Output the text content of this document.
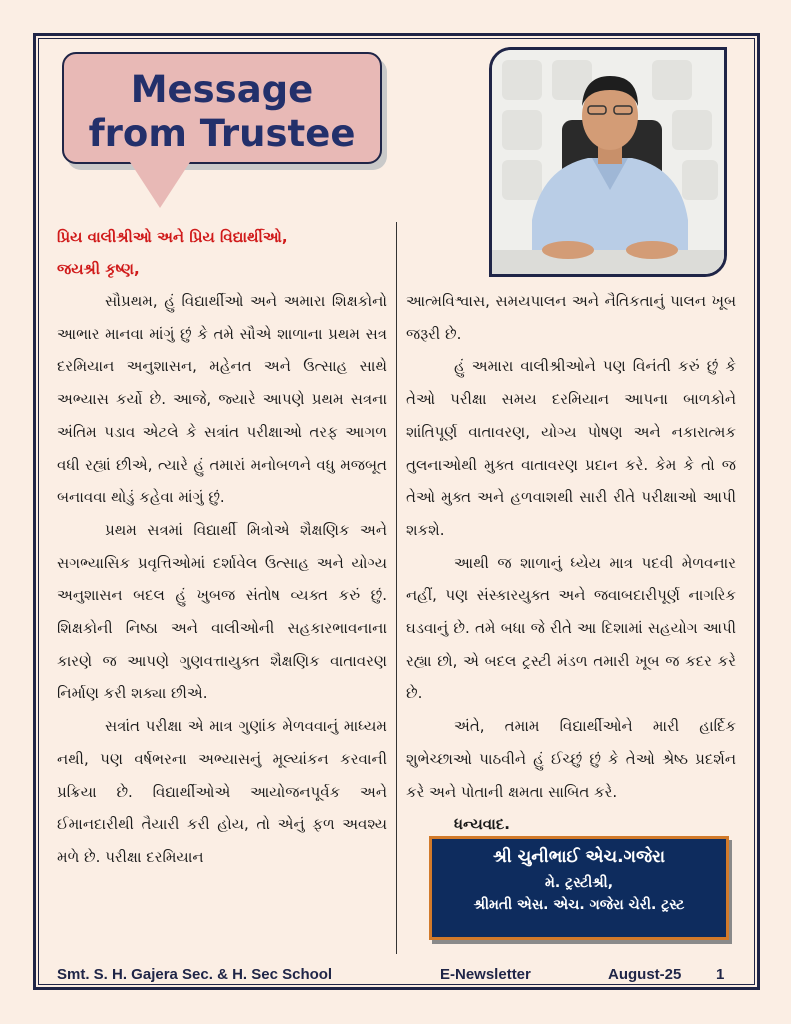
Message
from Trustee
પ્રિય વાલીશ્રીઓ અને પ્રિય વિદ્યાર્થીઓ,
જયશ્રી કૃષ્ણ,

સૌપ્રથમ, હું વિદ્યાર્થીઓ અને અમારા શિક્ષકોનો આભાર માનવા માંગું છું કે તમે સૌએ શાળાના પ્રથમ સત્ર દરમિયાન અનુશાસન, મહેનત અને ઉત્સાહ સાથે અભ્યાસ કર્યો છે. આજે, જ્યારે આપણે પ્રથમ સત્રના અંતિમ પડાવ એટલે કે સત્રાંત પરીક્ષાઓ તરફ આગળ વધી રહ્યાં છીએ, ત્યારે હું તમારાં મનોબળને વધુ મજબૂત બનાવવા થોડું કહેવા માંગું છું.

પ્રથમ સત્રમાં વિદ્યાર્થી મિત્રોએ શૈક્ષણિક અને સગભ્યાસિક પ્રવૃત્તિઓમાં દર્શાવેલ ઉત્સાહ અને યોગ્ય અનુશાસન બદલ હું ખુબજ સંતોષ વ્યક્ત કરું છું. શિક્ષકોની નિષ્ઠા અને વાલીઓની સહકારભાવનાના કારણે જ આપણે ગુણવત્તાયુક્ત શૈક્ષણિક વાતાવરણ નિર્માણ કરી શક્યા છીએ.

સત્રાંત પરીક્ષા એ માત્ર ગુણાંક મેળવવાનું માધ્યમ નથી, પણ વર્ષભરના અભ્યાસનું મૂલ્યાંકન કરવાની પ્રક્રિયા છે. વિદ્યાર્થીઓએ આયોજનપૂર્વક અને ઈમાનદારીથી તૈયારી કરી હોય, તો એનું ફળ અવશ્ય મળે છે. પરીક્ષા દરમિયાન

આત્મવિશ્વાસ, સમયપાલન અને નૈતિકતાનું પાલન ખૂબ જરૂરી છે.

હું અમારા વાલીશ્રીઓને પણ વિનંતી કરું છું કે તેઓ પરીક્ષા સમય દરમિયાન આપના બાળકોને શાંતિપૂર્ણ વાતાવરણ, યોગ્ય પોષણ અને નકારાત્મક તુલનાઓથી મુક્ત વાતાવરણ પ્રદાન કરે. કેમ કે તો જ તેઓ મુક્ત અને હળવાશથી સારી રીતે પરીક્ષાઓ આપી શકશે.

આથી જ શાળાનું ધ્યેય માત્ર પદવી મેળવનાર નહીં, પણ સંસ્કારયુક્ત અને જવાબદારીપૂર્ણ નાગરિક ઘડવાનું છે. તમે બધા જે રીતે આ દિશામાં સહયોગ આપી રહ્યા છો, એ બદલ ટ્રસ્ટી મંડળ તમારી ખૂબ જ કદર કરે છે.

અંતે, તમામ વિદ્યાર્થીઓને મારી હાર્દિક શુભેચ્છાઓ પાઠવીને હું ઈચ્છું છું કે તેઓ શ્રેષ્ઠ પ્રદર્શન કરે અને પોતાની ક્ષમતા સાબિત કરે.

ધન્યવાદ.

શ્રી ચુનીભાઈ એચ.ગજેરા
મે. ટ્રસ્ટીશ્રી,
શ્રીમતી એસ. એચ. ગજેરા ચેરી. ટ્રસ્ટ
Smt. S. H. Gajera Sec. & H. Sec School	E-Newsletter	August-25 1
